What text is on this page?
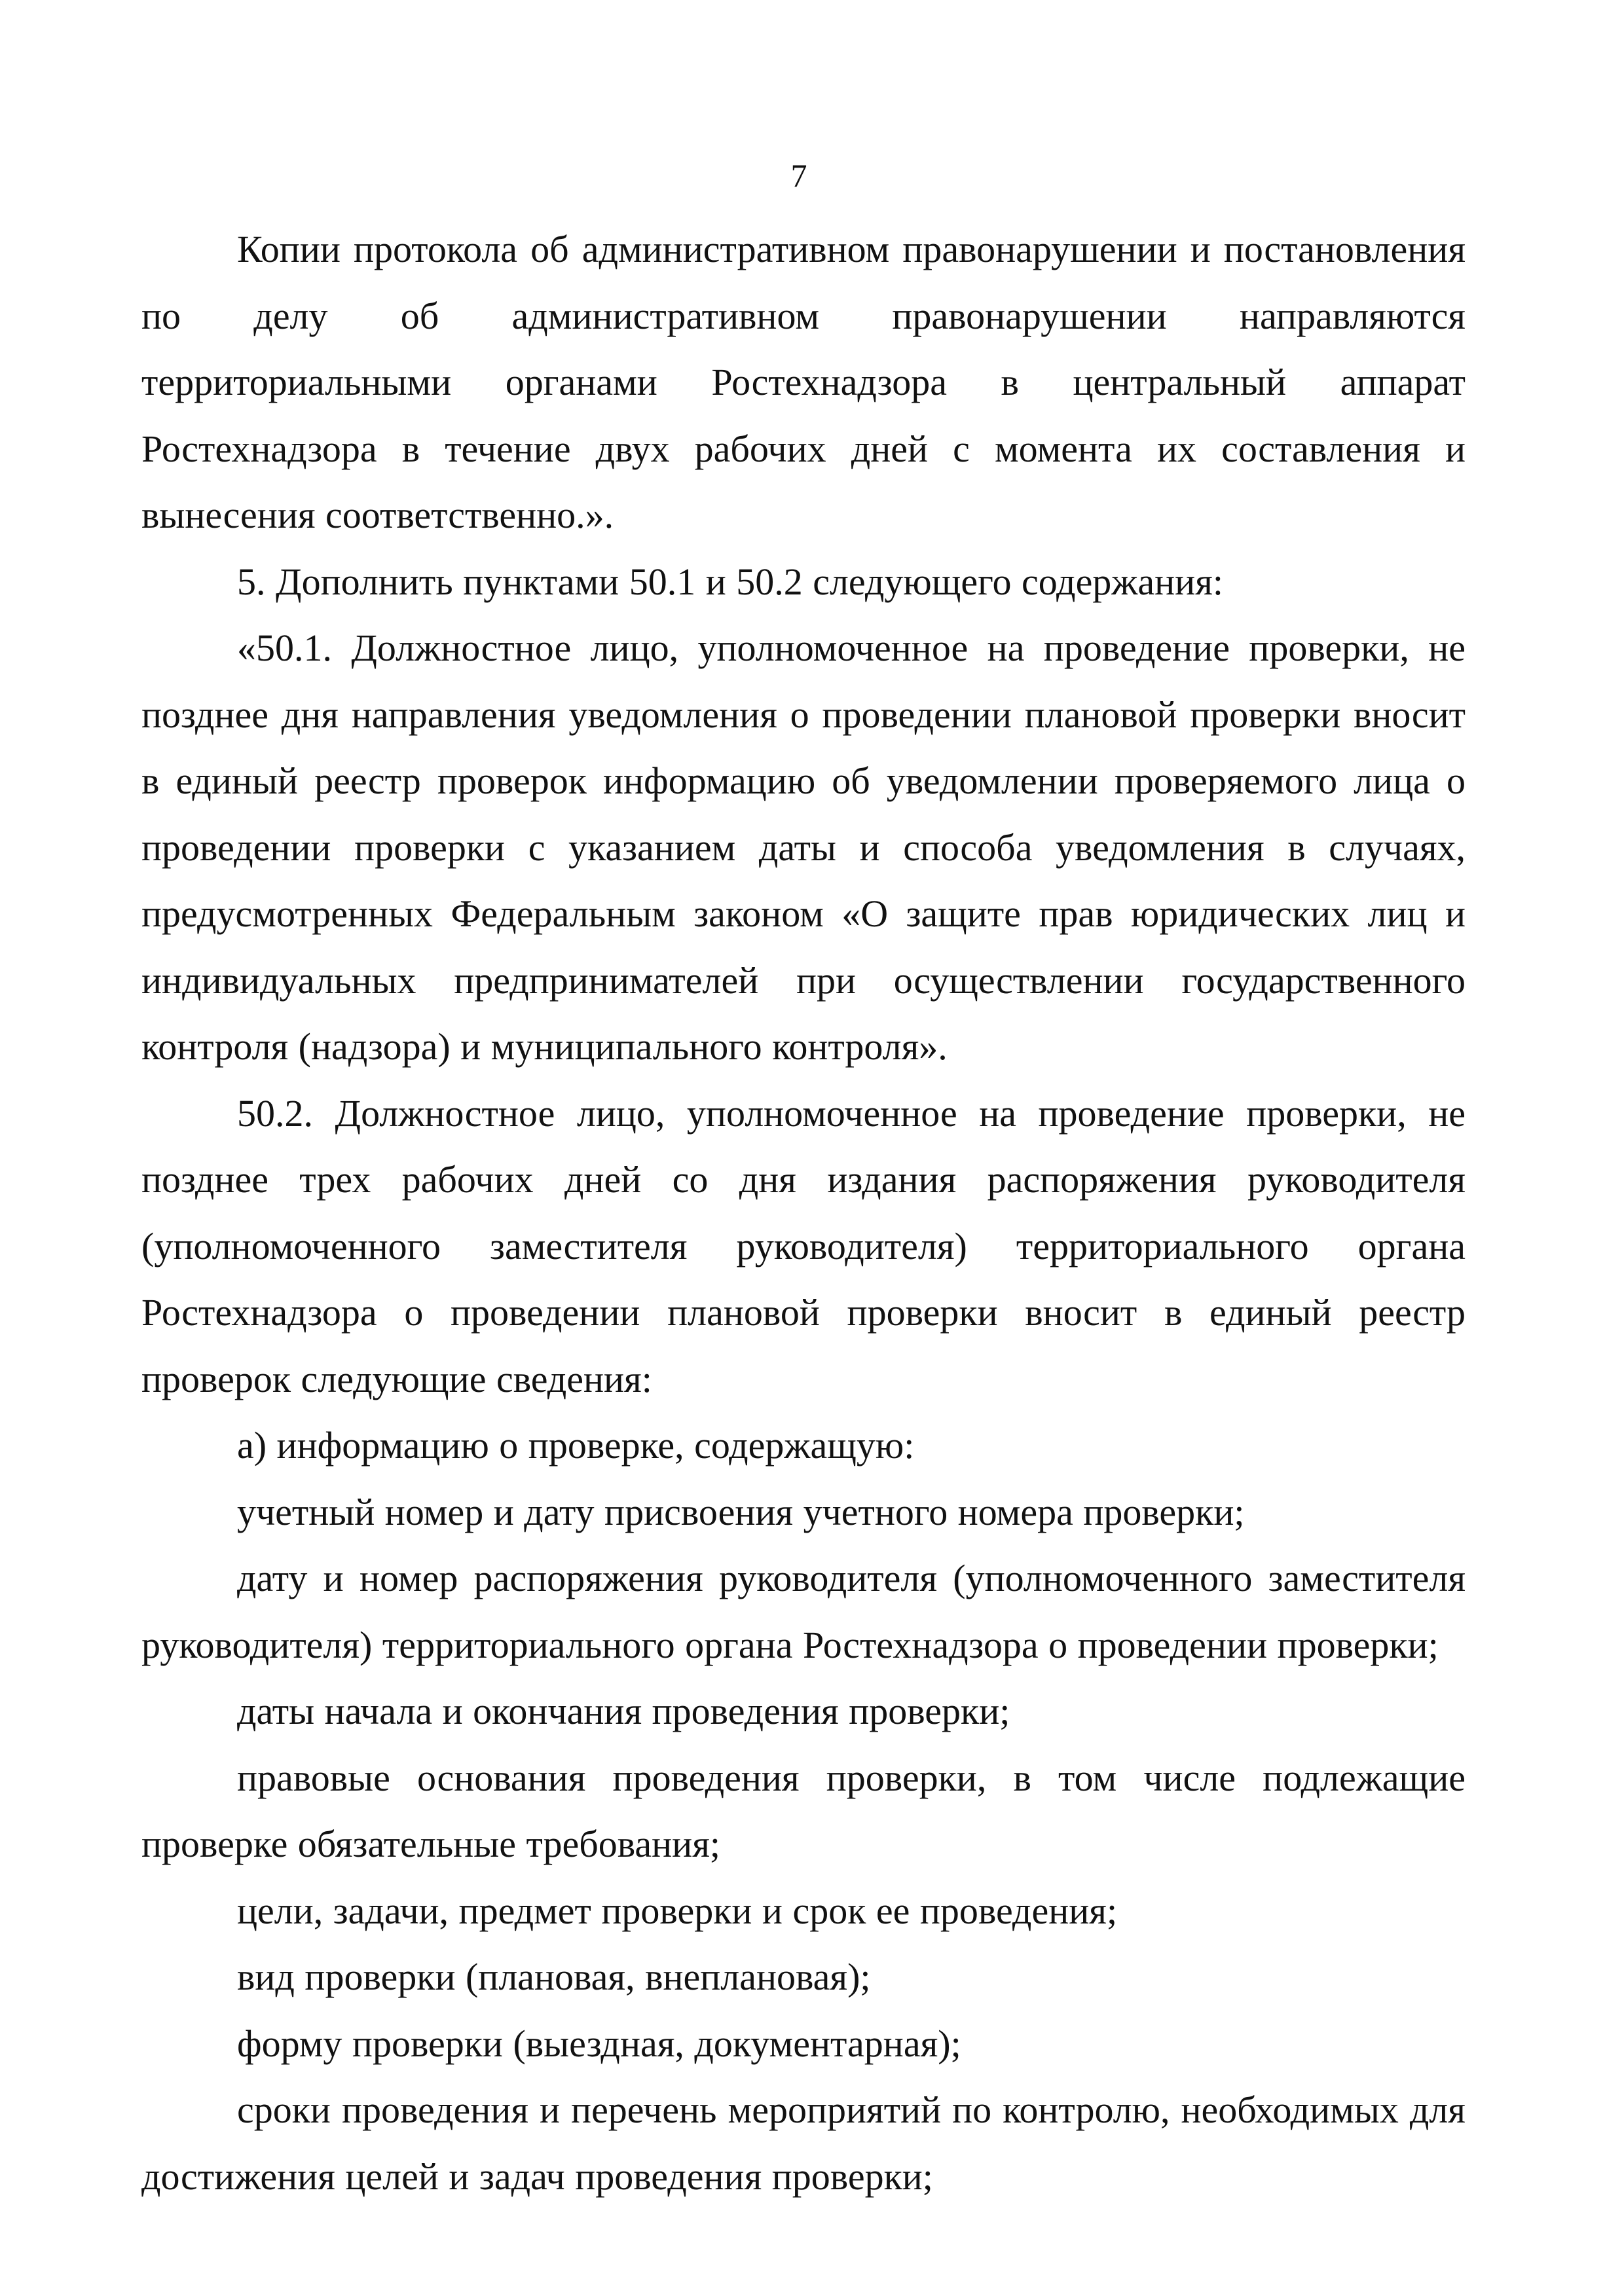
7

Копии протокола об административном правонарушении и постановления по делу об административном правонарушении направляются территориальными органами Ростехнадзора в центральный аппарат Ростехнадзора в течение двух рабочих дней с момента их составления и вынесения соответственно.».

5. Дополнить пунктами 50.1 и 50.2 следующего содержания:

«50.1. Должностное лицо, уполномоченное на проведение проверки, не позднее дня направления уведомления о проведении плановой проверки вносит в единый реестр проверок информацию об уведомлении проверяемого лица о проведении проверки с указанием даты и способа уведомления в случаях, предусмотренных Федеральным законом «О защите прав юридических лиц и индивидуальных предпринимателей при осуществлении государственного контроля (надзора) и муниципального контроля».

50.2. Должностное лицо, уполномоченное на проведение проверки, не позднее трех рабочих дней со дня издания распоряжения руководителя (уполномоченного заместителя руководителя) территориального органа Ростехнадзора о проведении плановой проверки вносит в единый реестр проверок следующие сведения:

а) информацию о проверке, содержащую:

учетный номер и дату присвоения учетного номера проверки;

дату и номер распоряжения руководителя (уполномоченного заместителя руководителя) территориального органа Ростехнадзора о проведении проверки;

даты начала и окончания проведения проверки;

правовые основания проведения проверки, в том числе подлежащие проверке обязательные требования;

цели, задачи, предмет проверки и срок ее проведения;

вид проверки (плановая, внеплановая);

форму проверки (выездная, документарная);

сроки проведения и перечень мероприятий по контролю, необходимых для достижения целей и задач проведения проверки;
